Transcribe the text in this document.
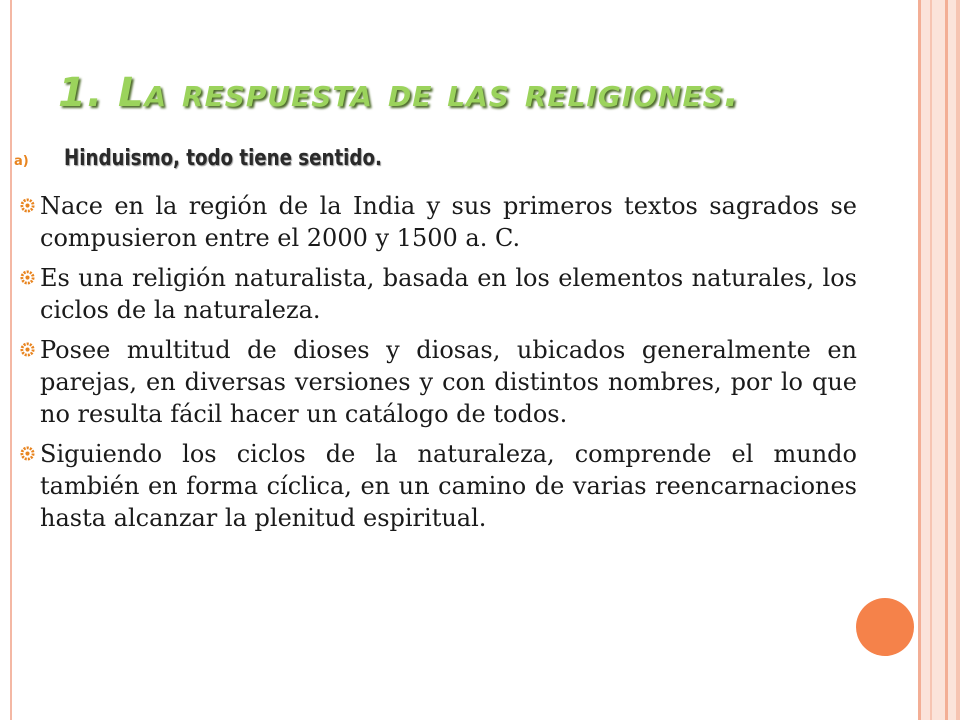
1. La respuesta de las religiones.
a)	Hinduismo, todo tiene sentido.
Nace en la región de la India y sus primeros textos sagrados se compusieron entre el 2000 y 1500 a. C.
Es una religión naturalista, basada en los elementos naturales, los ciclos de la naturaleza.
Posee multitud de dioses y diosas, ubicados generalmente en parejas, en diversas versiones y con distintos nombres, por lo que no resulta fácil hacer un catálogo de todos.
Siguiendo los ciclos de la naturaleza, comprende el mundo también en forma cíclica, en un camino de varias reencarnaciones hasta alcanzar la plenitud espiritual.
